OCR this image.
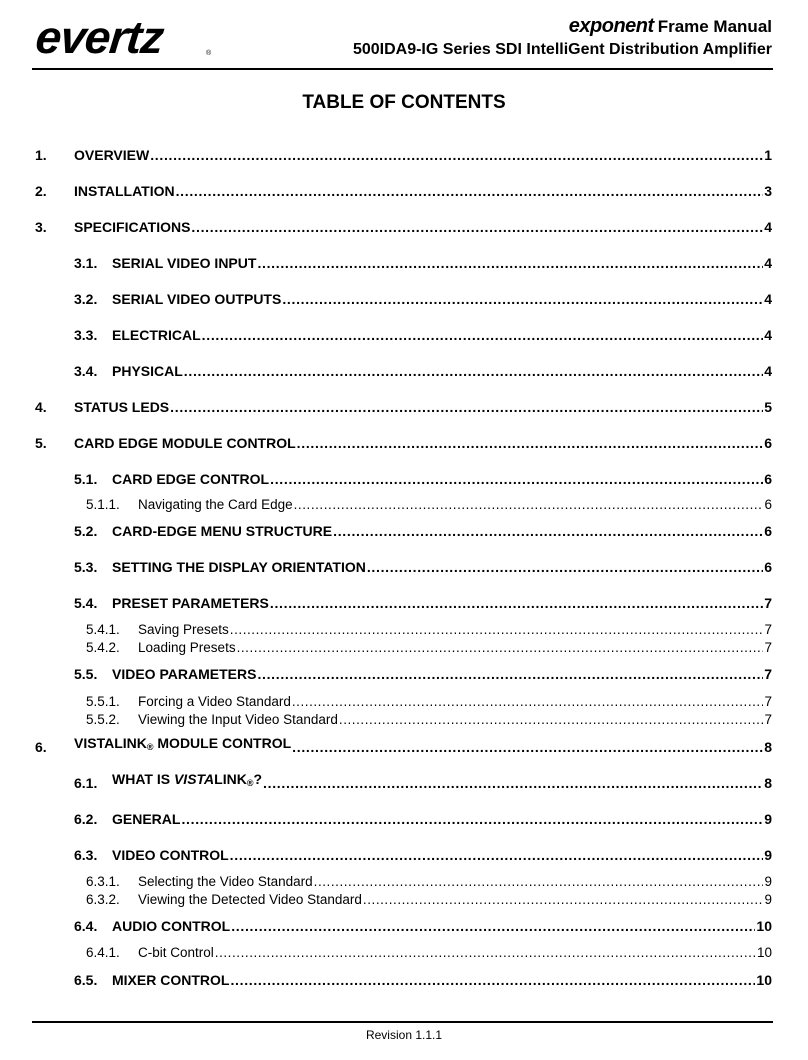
evertz	®
exponent Frame Manual
500IDA9-IG Series SDI IntelliGent Distribution Amplifier
TABLE OF CONTENTS
1.	OVERVIEW . . .	1
2.	INSTALLATION . . .	3
3.	SPECIFICATIONS . . .	4
3.1.	SERIAL VIDEO INPUT . . .	4
3.2.	SERIAL VIDEO OUTPUTS . . .	4
3.3.	ELECTRICAL . . .	4
3.4.	PHYSICAL . . .	4
4.	STATUS LEDS . . .	5
5.	CARD EDGE MODULE CONTROL . . .	6
5.1.	CARD EDGE CONTROL . . .	6
5.1.1.	Navigating the Card Edge . . .	6
5.2.	CARD-EDGE MENU STRUCTURE . . .	6
5.3.	SETTING THE DISPLAY ORIENTATION . . .	6
5.4.	PRESET PARAMETERS . . .	7
5.4.1.	Saving Presets . . .	7
5.4.2.	Loading Presets . . .	7
5.5.	VIDEO PARAMETERS . . .	7
5.5.1.	Forcing a Video Standard . . .	7
5.5.2.	Viewing the Input Video Standard . . .	7
6.	$VISTALINK_®$ MODULE CONTROL . . .	8
6.1.	WHAT IS $VISTALINK_®$? . . .	8
6.2.	GENERAL . . .	9
6.3.	VIDEO CONTROL . . .	9
6.3.1.	Selecting the Video Standard . . .	9
6.3.2.	Viewing the Detected Video Standard . . .	9
6.4.	AUDIO CONTROL . . .	10
6.4.1.	C-bit Control . . .	10
6.5.	MIXER CONTROL . . .	10
Revision 1.1.1
